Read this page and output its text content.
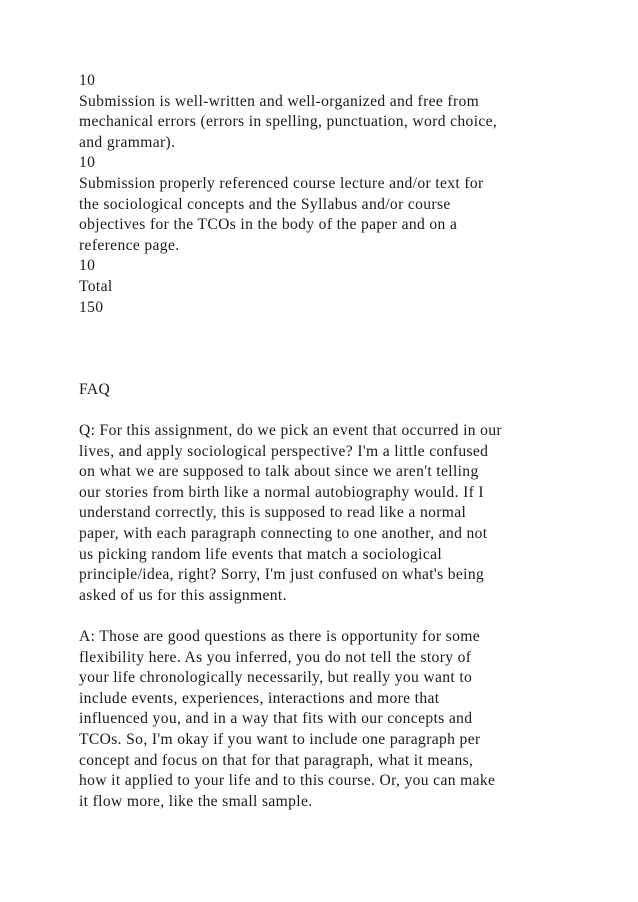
10
Submission is well-written and well-organized and free from
mechanical errors (errors in spelling, punctuation, word choice,
and grammar).
10
Submission properly referenced course lecture and/or text for
the sociological concepts and the Syllabus and/or course
objectives for the TCOs in the body of the paper and on a
reference page.
10
Total
150
FAQ
Q: For this assignment, do we pick an event that occurred in our
lives, and apply sociological perspective? I'm a little confused
on what we are supposed to talk about since we aren't telling
our stories from birth like a normal autobiography would. If I
understand correctly, this is supposed to read like a normal
paper, with each paragraph connecting to one another, and not
us picking random life events that match a sociological
principle/idea, right? Sorry, I'm just confused on what's being
asked of us for this assignment.
A: Those are good questions as there is opportunity for some
flexibility here. As you inferred, you do not tell the story of
your life chronologically necessarily, but really you want to
include events, experiences, interactions and more that
influenced you, and in a way that fits with our concepts and
TCOs. So, I'm okay if you want to include one paragraph per
concept and focus on that for that paragraph, what it means,
how it applied to your life and to this course. Or, you can make
it flow more, like the small sample.
